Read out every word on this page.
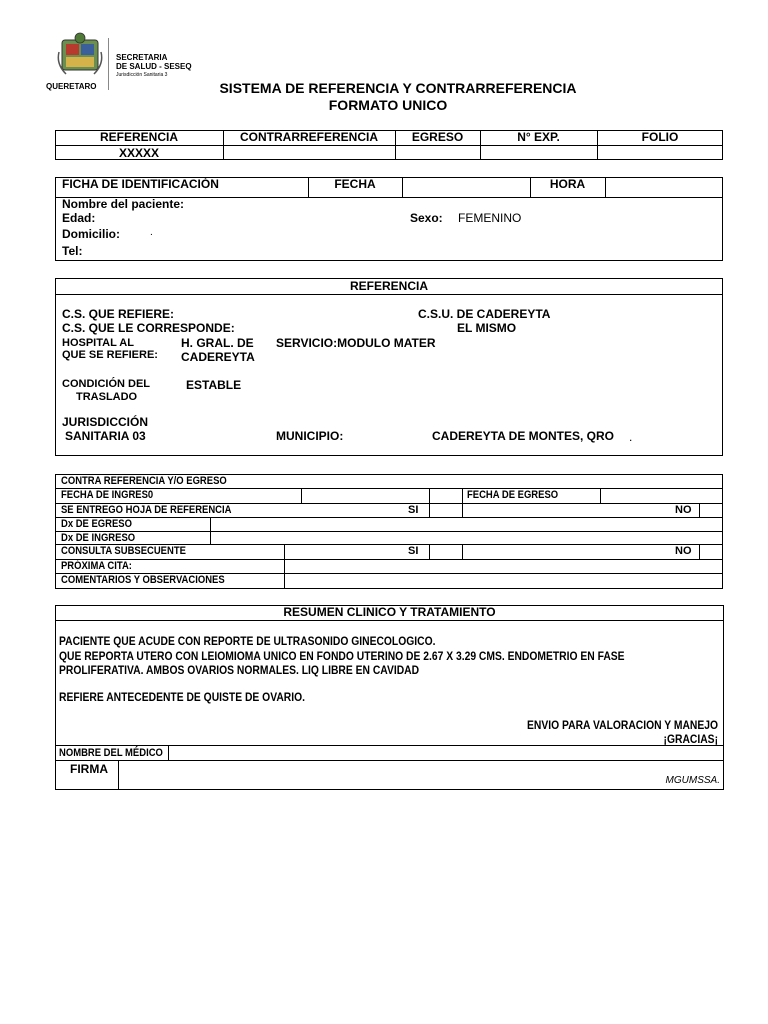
QUERETARO
SECRETARIA
DE SALUD - SESEQ
Jurisdicción Sanitaria 3
SISTEMA DE REFERENCIA Y CONTRARREFERENCIA
FORMATO UNICO
REFERENCIA	CONTRARREFERENCIA	EGRESO	N° EXP.	FOLIO
XXXXX
FICHA DE IDENTIFICACIÓN	FECHA	HORA
Nombre del paciente:
Edad:	Sexo: FEMENINO
Domicilio:	.
Tel:
REFERENCIA
C.S. QUE REFIERE:	C.S.U. DE CADEREYTA
C.S. QUE LE CORRESPONDE:	EL MISMO
HOSPITAL AL
QUE SE REFIERE:
H. GRAL. DE
CADEREYTA
SERVICIO:MODULO MATER
CONDICIÓN DEL
TRASLADO
ESTABLE
JURISDICCIÓN
SANITARIA 03	MUNICIPIO:	CADEREYTA DE MONTES, QRO .
CONTRA REFERENCIA Y/O EGRESO
FECHA DE INGRES0	FECHA DE EGRESO
SE ENTREGO HOJA DE REFERENCIA	SI	NO
Dx DE EGRESO
Dx DE INGRESO
CONSULTA SUBSECUENTE	SI	NO
PRÓXIMA CITA:
COMENTARIOS Y OBSERVACIONES
RESUMEN CLINICO Y TRATAMIENTO
PACIENTE QUE ACUDE CON REPORTE DE ULTRASONIDO GINECOLOGICO.
QUE REPORTA UTERO CON LEIOMIOMA UNICO EN FONDO UTERINO DE 2.67 X 3.29 CMS. ENDOMETRIO EN FASE
PROLIFERATIVA. AMBOS OVARIOS NORMALES. LIQ LIBRE EN CAVIDAD
REFIERE ANTECEDENTE DE QUISTE DE OVARIO.
ENVIO PARA VALORACION Y MANEJO
¡GRACIAS¡
NOMBRE DEL MÉDICO
FIRMA
MGUMSSA.
